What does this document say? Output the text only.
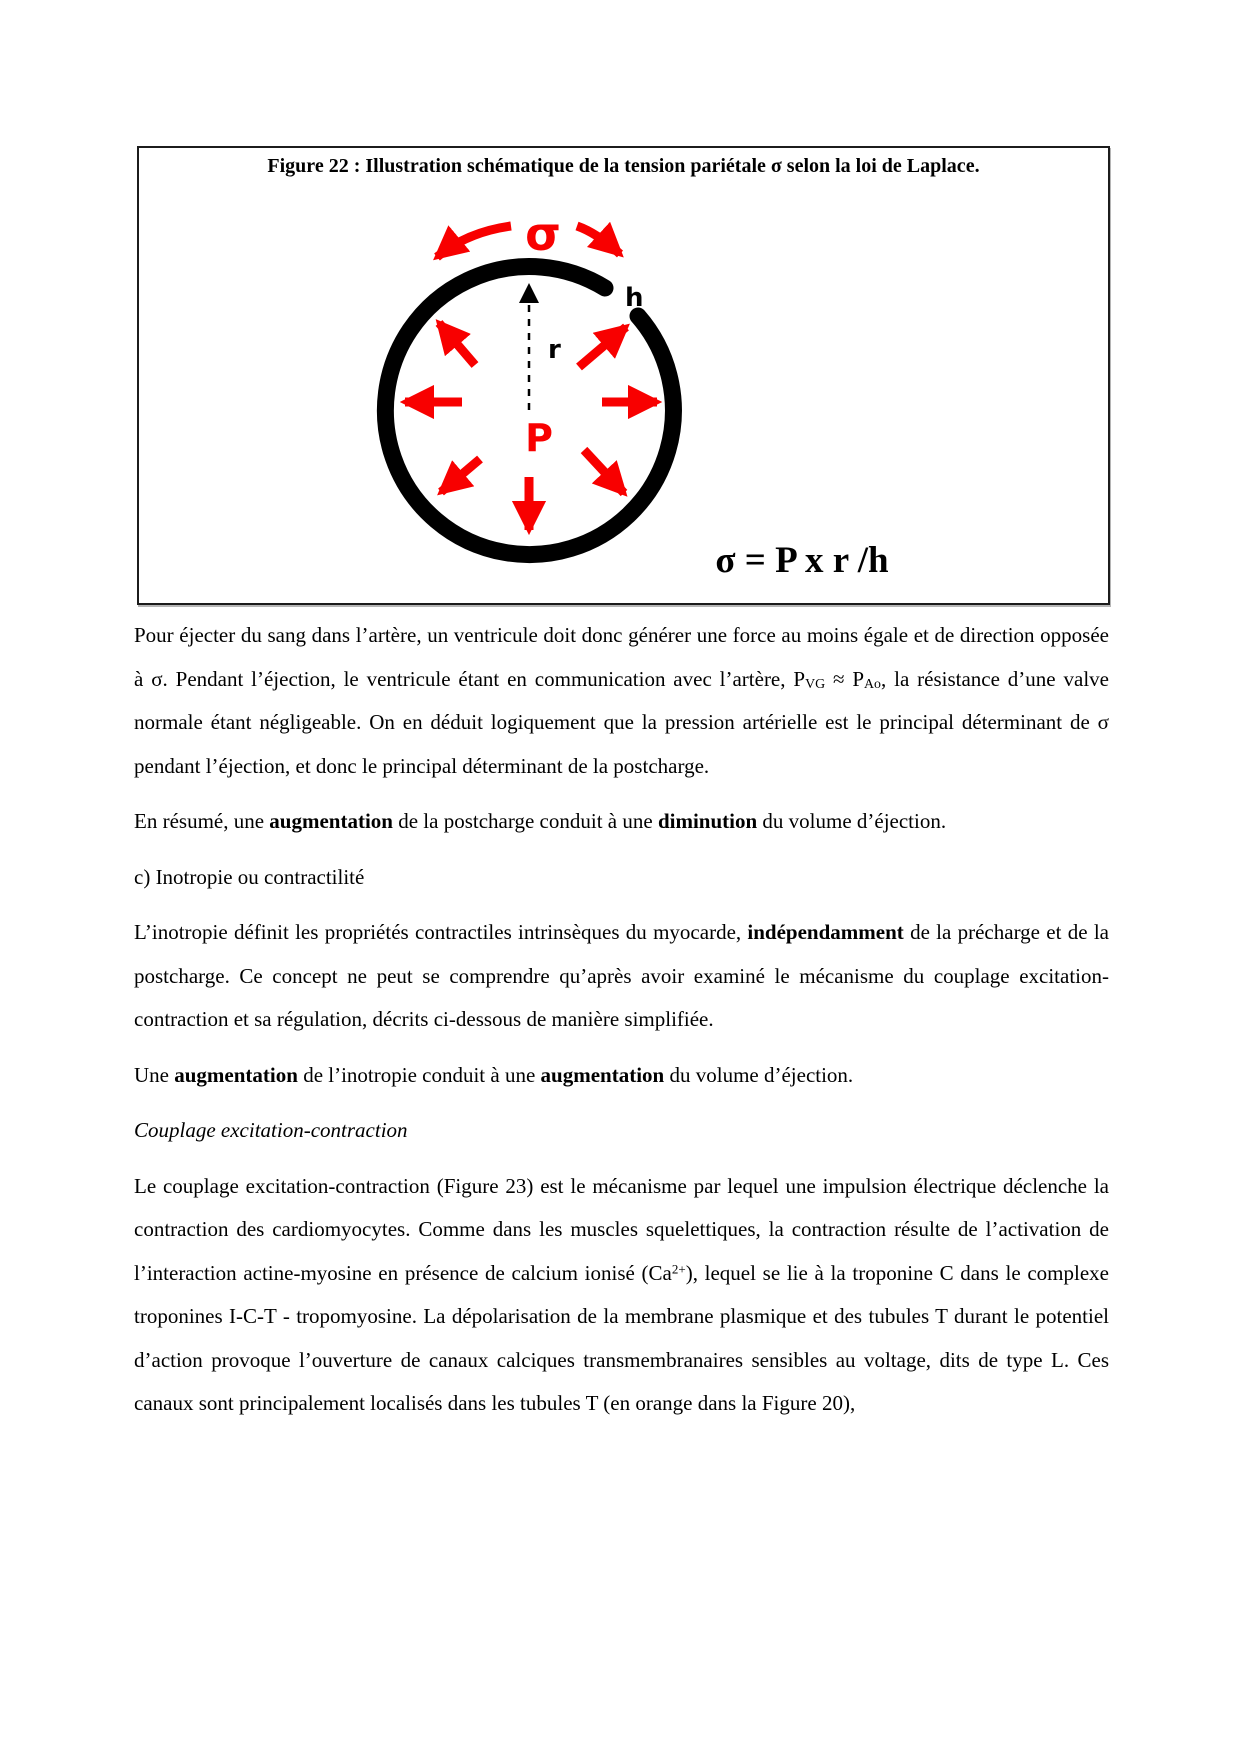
Figure 22 : Illustration schématique de la tension pariétale σ selon la loi de Laplace.
σ
h
r
P
σ = P x r /h

Pour éjecter du sang dans l’artère, un ventricule doit donc générer une force au moins égale et de direction opposée à σ. Pendant l’éjection, le ventricule étant en communication avec l’artère, PVG ≈ PAo, la résistance d’une valve normale étant négligeable. On en déduit logiquement que la pression artérielle est le principal déterminant de σ pendant l’éjection, et donc le principal déterminant de la postcharge.

En résumé, une augmentation de la postcharge conduit à une diminution du volume d’éjection.

c) Inotropie ou contractilité

L’inotropie définit les propriétés contractiles intrinsèques du myocarde, indépendamment de la précharge et de la postcharge. Ce concept ne peut se comprendre qu’après avoir examiné le mécanisme du couplage excitation-contraction et sa régulation, décrits ci-dessous de manière simplifiée.

Une augmentation de l’inotropie conduit à une augmentation du volume d’éjection.

Couplage excitation-contraction

Le couplage excitation-contraction (Figure 23) est le mécanisme par lequel une impulsion électrique déclenche la contraction des cardiomyocytes. Comme dans les muscles squelettiques, la contraction résulte de l’activation de l’interaction actine-myosine en présence de calcium ionisé $(Ca^{2+})$, lequel se lie à la troponine C dans le complexe troponines I-C-T - tropomyosine. La dépolarisation de la membrane plasmique et des tubules T durant le potentiel d’action provoque l’ouverture de canaux calciques transmembranaires sensibles au voltage, dits de type L. Ces canaux sont principalement localisés dans les tubules T (en orange dans la Figure 20),
